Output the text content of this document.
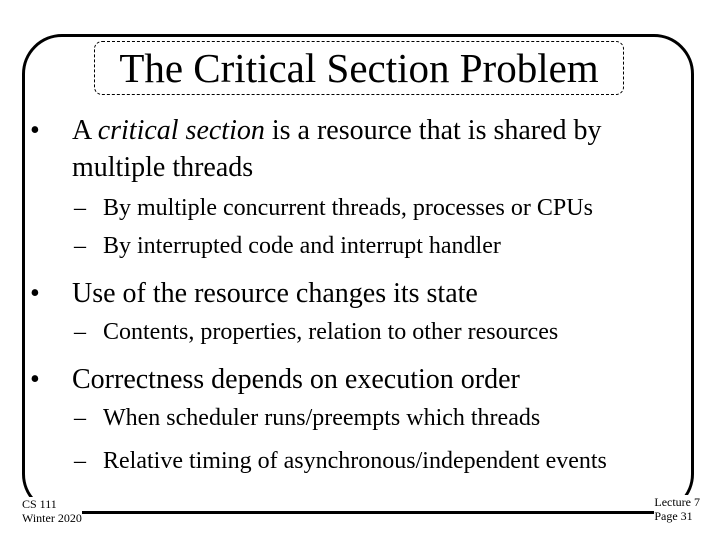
The Critical Section Problem
• A critical section is a resource that is shared by multiple threads
– By multiple concurrent threads, processes or CPUs
– By interrupted code and interrupt handler
• Use of the resource changes its state
– Contents, properties, relation to other resources
• Correctness depends on execution order
– When scheduler runs/preempts which threads
– Relative timing of asynchronous/independent events
CS 111
Winter 2020
Lecture 7
Page 31
